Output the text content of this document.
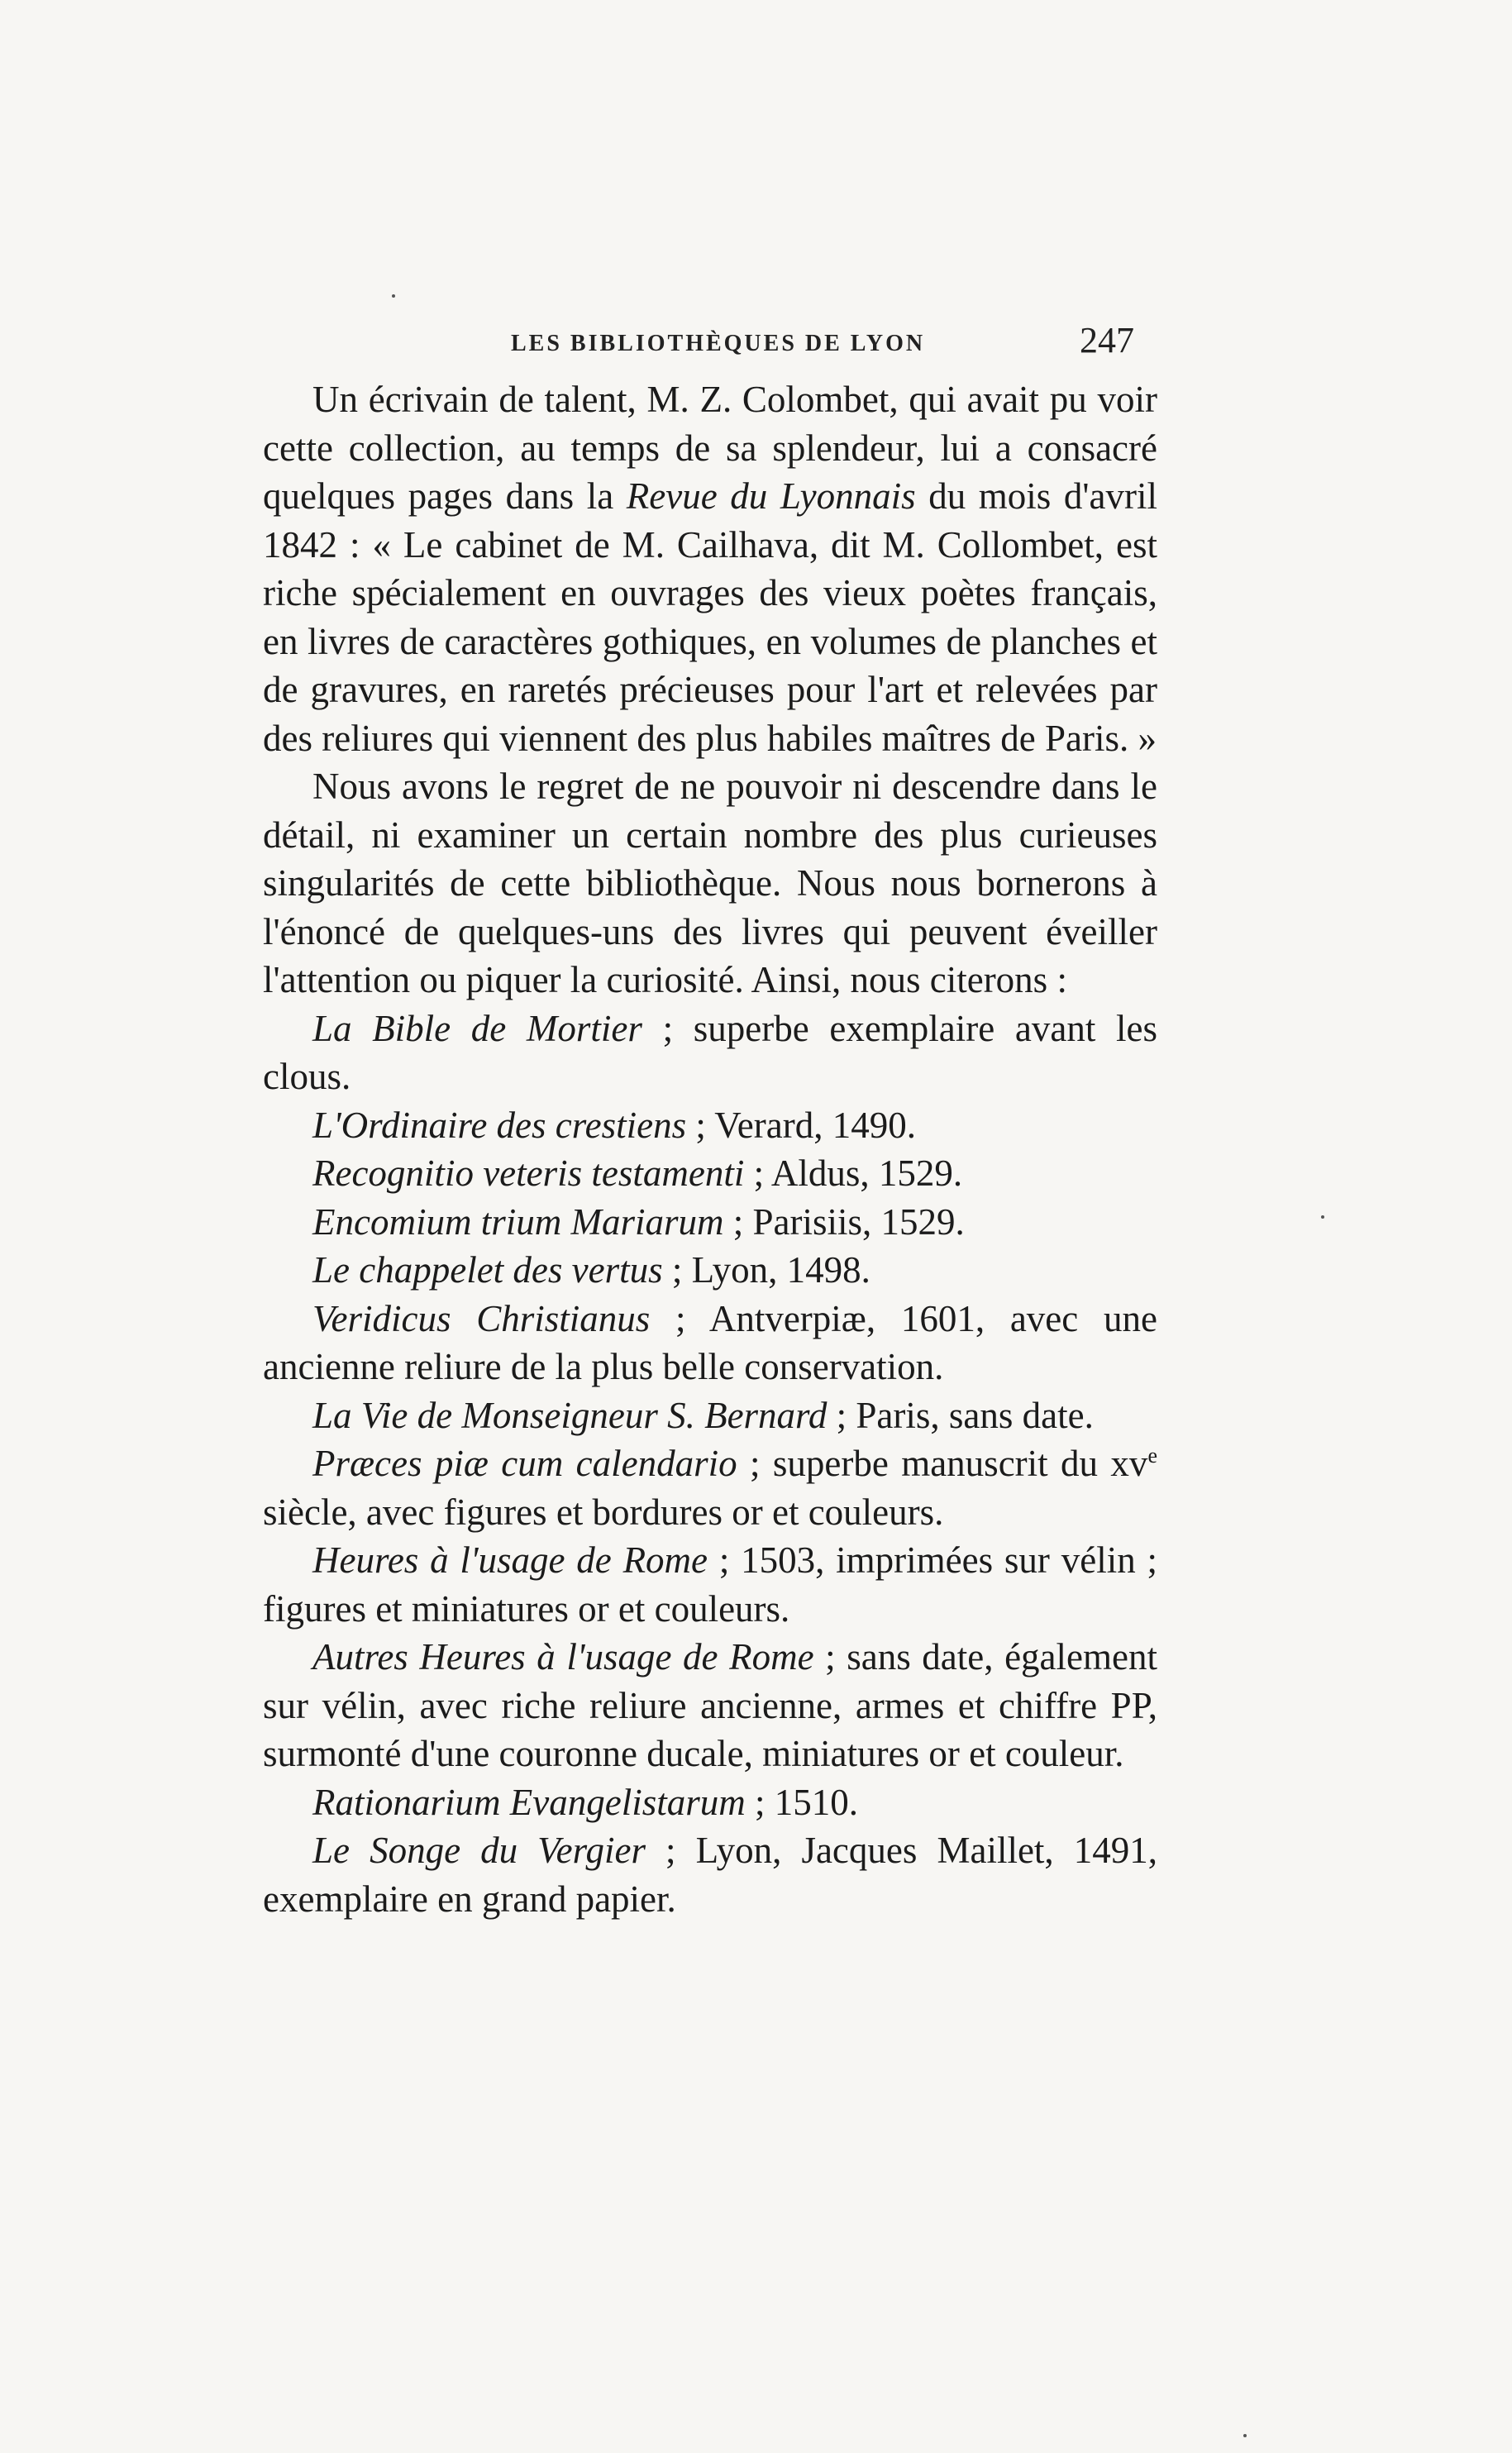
LES BIBLIOTHÈQUES DE LYON	247

Un écrivain de talent, M. Z. Colombet, qui avait pu voir cette collection, au temps de sa splendeur, lui a consacré quelques pages dans la Revue du Lyonnais du mois d'avril 1842 : « Le cabinet de M. Cailhava, dit M. Collombet, est riche spécialement en ouvrages des vieux poètes français, en livres de caractères gothiques, en volumes de planches et de gravures, en raretés précieuses pour l'art et relevées par des reliures qui viennent des plus habiles maîtres de Paris. »

Nous avons le regret de ne pouvoir ni descendre dans le détail, ni examiner un certain nombre des plus curieuses singularités de cette bibliothèque. Nous nous bornerons à l'énoncé de quelques-uns des livres qui peuvent éveiller l'attention ou piquer la curiosité. Ainsi, nous citerons :

La Bible de Mortier ; superbe exemplaire avant les clous.

L'Ordinaire des crestiens ; Verard, 1490.

Recognitio veteris testamenti ; Aldus, 1529.

Encomium trium Mariarum ; Parisiis, 1529.

Le chappelet des vertus ; Lyon, 1498.

Veridicus Christianus ; Antverpiæ, 1601, avec une ancienne reliure de la plus belle conservation.

La Vie de Monseigneur S. Bernard ; Paris, sans date.

Præces piæ cum calendario ; superbe manuscrit du $xv^e$ siècle, avec figures et bordures or et couleurs.

Heures à l'usage de Rome ; 1503, imprimées sur vélin ; figures et miniatures or et couleurs.

Autres Heures à l'usage de Rome ; sans date, également sur vélin, avec riche reliure ancienne, armes et chiffre PP, surmonté d'une couronne ducale, miniatures or et couleur.

Rationarium Evangelistarum ; 1510.

Le Songe du Vergier ; Lyon, Jacques Maillet, 1491, exemplaire en grand papier.
